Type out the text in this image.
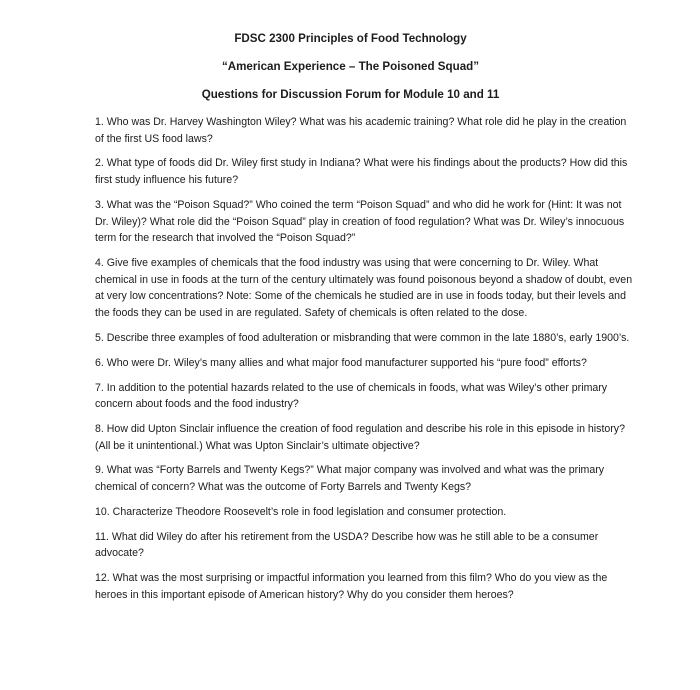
FDSC 2300 Principles of Food Technology

“American Experience – The Poisoned Squad”

Questions for Discussion Forum for Module 10 and 11

1. Who was Dr. Harvey Washington Wiley? What was his academic training? What role did he play in the creation of the first US food laws?

2. What type of foods did Dr. Wiley first study in Indiana? What were his findings about the products? How did this first study influence his future?

3. What was the “Poison Squad?” Who coined the term “Poison Squad” and who did he work for (Hint: It was not Dr. Wiley)? What role did the “Poison Squad” play in creation of food regulation? What was Dr. Wiley’s innocuous term for the research that involved the “Poison Squad?”

4. Give five examples of chemicals that the food industry was using that were concerning to Dr. Wiley. What chemical in use in foods at the turn of the century ultimately was found poisonous beyond a shadow of doubt, even at very low concentrations? Note: Some of the chemicals he studied are in use in foods today, but their levels and the foods they can be used in are regulated. Safety of chemicals is often related to the dose.

5. Describe three examples of food adulteration or misbranding that were common in the late 1880’s, early 1900’s.

6. Who were Dr. Wiley’s many allies and what major food manufacturer supported his “pure food” efforts?

7. In addition to the potential hazards related to the use of chemicals in foods, what was Wiley’s other primary concern about foods and the food industry?

8. How did Upton Sinclair influence the creation of food regulation and describe his role in this episode in history? (All be it unintentional.) What was Upton Sinclair’s ultimate objective?

9. What was “Forty Barrels and Twenty Kegs?” What major company was involved and what was the primary chemical of concern? What was the outcome of Forty Barrels and Twenty Kegs?

10. Characterize Theodore Roosevelt’s role in food legislation and consumer protection.

11. What did Wiley do after his retirement from the USDA? Describe how was he still able to be a consumer advocate?

12. What was the most surprising or impactful information you learned from this film? Who do you view as the heroes in this important episode of American history? Why do you consider them heroes?
